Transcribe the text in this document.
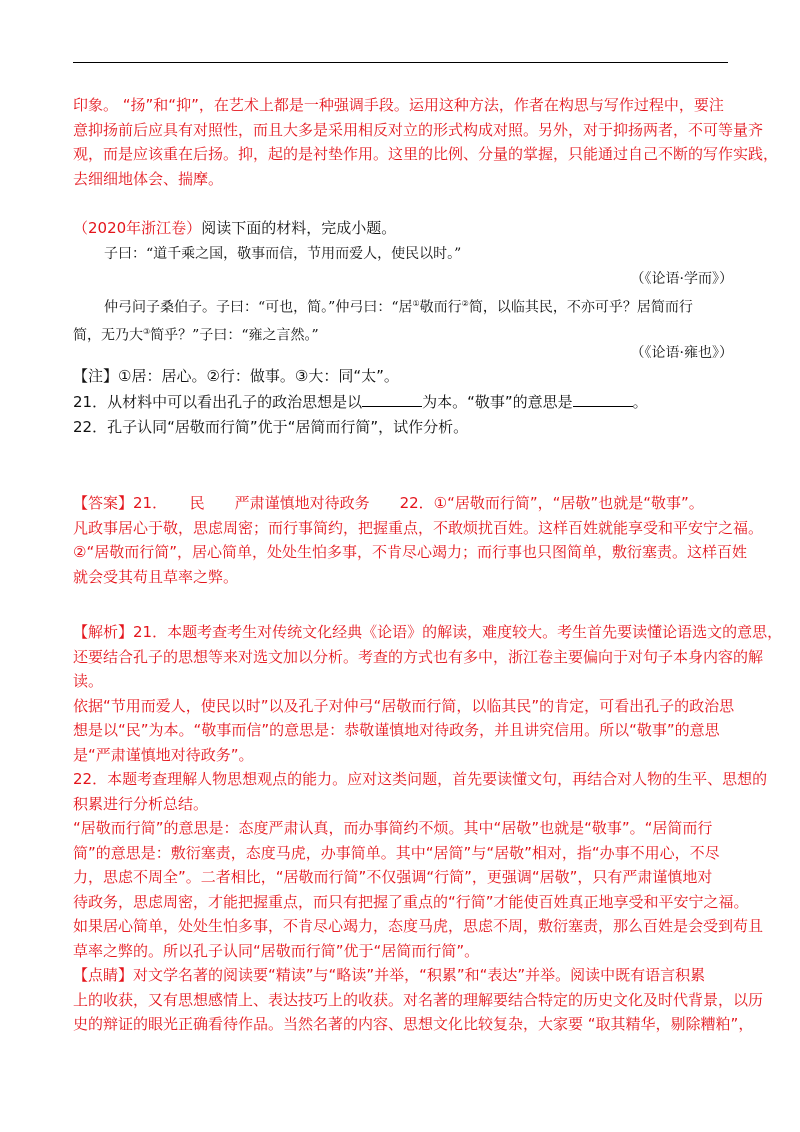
印象。 “扬”和“抑”，在艺术上都是一种强调手段。运用这种方法，作者在构思与写作过程中，要注
意抑扬前后应具有对照性，而且大多是采用相反对立的形式构成对照。另外，对于抑扬两者，不可等量齐
观，而是应该重在后扬。抑，起的是衬垫作用。这里的比例、分量的掌握，只能通过自己不断的写作实践，
去细细地体会、揣摩。
（2020年浙江卷）阅读下面的材料，完成小题。
子曰：“道千乘之国，敬事而信，节用而爱人，使民以时。”
（《论语·学而》）
仲弓问子桑伯子。子曰：“可也，简。”仲弓曰：“居①敬而行②简，以临其民，不亦可乎？居简而行
简，无乃大③简乎？”子曰：“雍之言然。”
（《论语·雍也》）
【注】①居：居心。②行：做事。③大：同“太”。
21．从材料中可以看出孔子的政治思想是以	为本。“敬事”的意思是	。
22．孔子认同“居敬而行简”优于“居简而行简”，试作分析。
【答案】21．　　民　　严肃谨慎地对待政务　　22．①“居敬而行简”，“居敬”也就是“敬事”。
凡政事居心于敬，思虑周密；而行事简约，把握重点，不敢烦扰百姓。这样百姓就能享受和平安宁之福。
②“居敬而行简”，居心简单，处处生怕多事，不肯尽心竭力；而行事也只图简单，敷衍塞责。这样百姓
就会受其苟且草率之弊。
【解析】21．本题考查考生对传统文化经典《论语》的解读，难度较大。考生首先要读懂论语选文的意思，
还要结合孔子的思想等来对选文加以分析。考查的方式也有多中，浙江卷主要偏向于对句子本身内容的解
读。
依据“节用而爱人，使民以时”以及孔子对仲弓“居敬而行简，以临其民”的肯定，可看出孔子的政治思
想是以“民”为本。“敬事而信”的意思是：恭敬谨慎地对待政务，并且讲究信用。所以“敬事”的意思
是“严肃谨慎地对待政务”。
22．本题考查理解人物思想观点的能力。应对这类问题，首先要读懂文句，再结合对人物的生平、思想的
积累进行分析总结。
“居敬而行简”的意思是：态度严肃认真，而办事简约不烦。其中“居敬”也就是“敬事”。“居简而行
简”的意思是：敷衍塞责，态度马虎，办事简单。其中“居简”与“居敬”相对，指“办事不用心，不尽
力，思虑不周全”。二者相比，“居敬而行简”不仅强调“行简”，更强调“居敬”，只有严肃谨慎地对
待政务，思虑周密，才能把握重点，而只有把握了重点的“行简”才能使百姓真正地享受和平安宁之福。
如果居心简单，处处生怕多事，不肯尽心竭力，态度马虎，思虑不周，敷衍塞责，那么百姓是会受到苟且
草率之弊的。所以孔子认同“居敬而行简”优于“居简而行简”。
【点睛】对文学名著的阅读要“精读”与“略读”并举，“积累”和“表达”并举。阅读中既有语言积累
上的收获，又有思想感情上、表达技巧上的收获。对名著的理解要结合特定的历史文化及时代背景，以历
史的辩证的眼光正确看待作品。当然名著的内容、思想文化比较复杂，大家要 “取其精华，剔除糟粕”，
